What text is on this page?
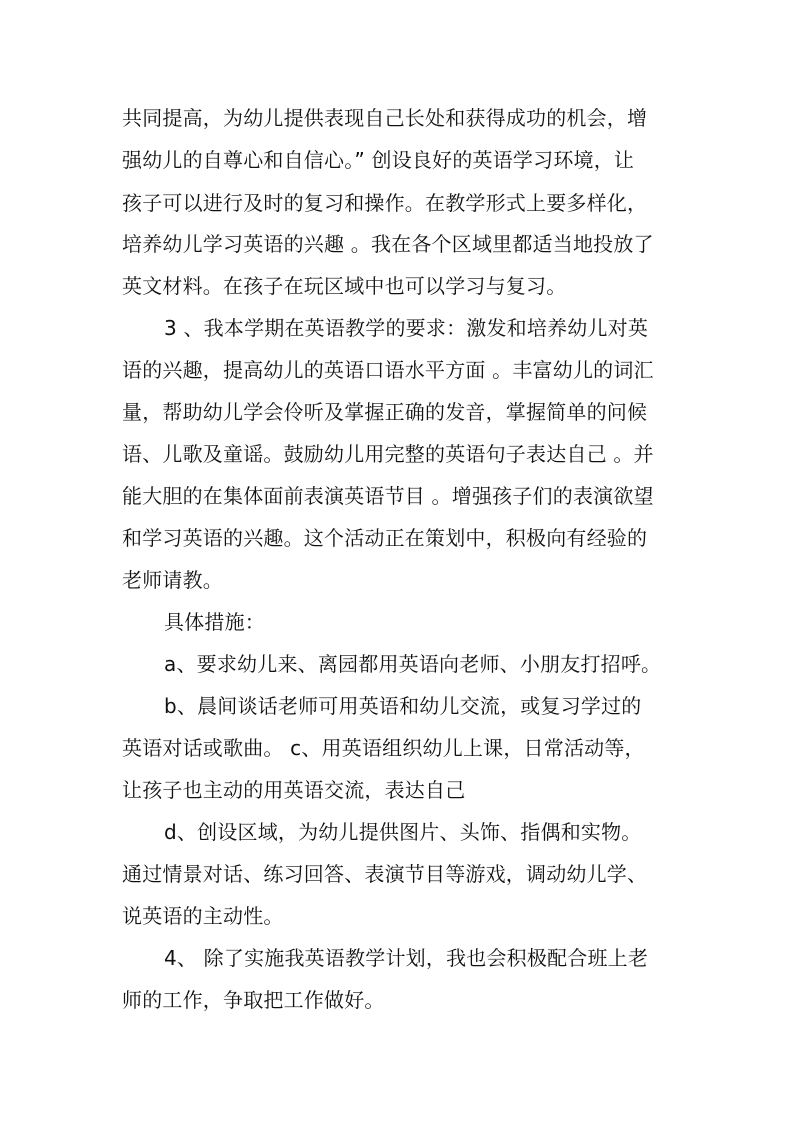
共同提高，为幼儿提供表现自己长处和获得成功的机会，增
强幼儿的自尊心和自信心。” 创设良好的英语学习环境，让
孩子可以进行及时的复习和操作。在教学形式上要多样化，
培养幼儿学习英语的兴趣 。我在各个区域里都适当地投放了
英文材料。在孩子在玩区域中也可以学习与复习。
3 、我本学期在英语教学的要求：激发和培养幼儿对英
语的兴趣，提高幼儿的英语口语水平方面 。丰富幼儿的词汇
量，帮助幼儿学会伶听及掌握正确的发音，掌握简单的问候
语、儿歌及童谣。鼓励幼儿用完整的英语句子表达自己 。并
能大胆的在集体面前表演英语节目 。增强孩子们的表演欲望
和学习英语的兴趣。这个活动正在策划中，积极向有经验的
老师请教。
具体措施：
a、要求幼儿来、离园都用英语向老师、小朋友打招呼。
b、晨间谈话老师可用英语和幼儿交流，或复习学过的
英语对话或歌曲。 c、用英语组织幼儿上课，日常活动等，
让孩子也主动的用英语交流，表达自己
d、创设区域，为幼儿提供图片、头饰、指偶和实物。
通过情景对话、练习回答、表演节目等游戏，调动幼儿学、
说英语的主动性。
4、 除了实施我英语教学计划，我也会积极配合班上老
师的工作，争取把工作做好。
